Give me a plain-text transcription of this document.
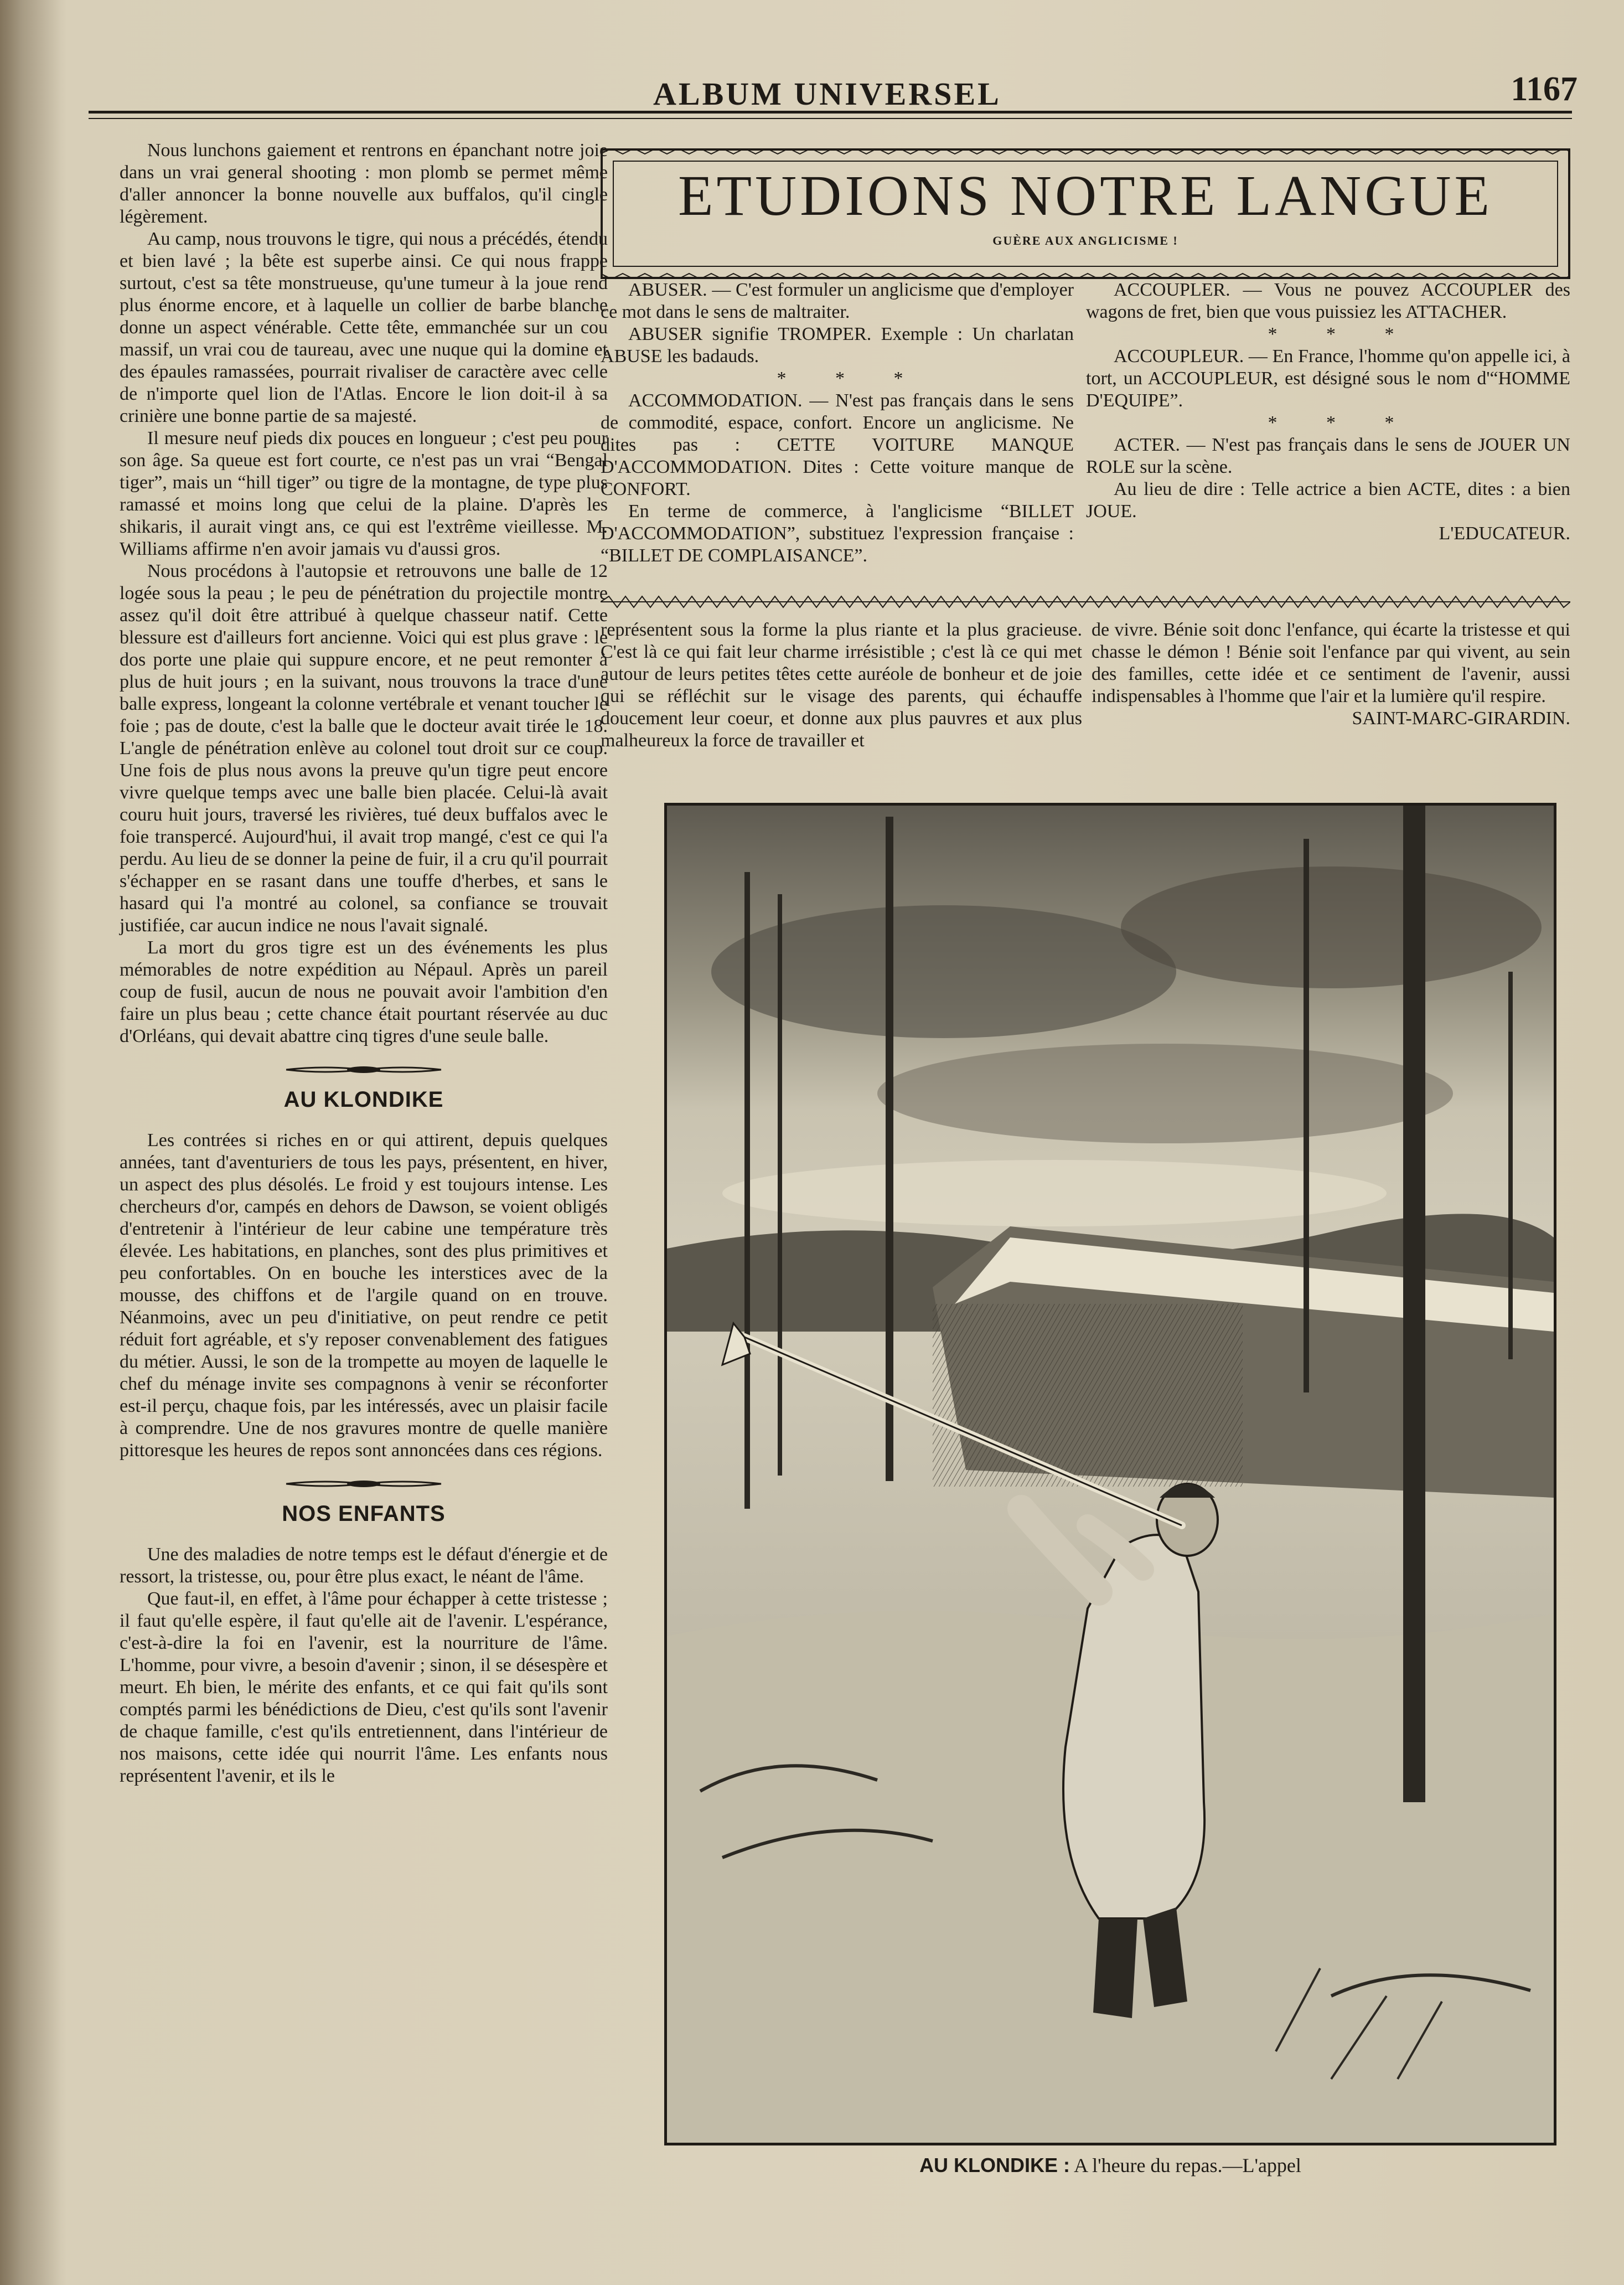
ALBUM UNIVERSEL	1167

Nous lunchons gaiement et rentrons en épanchant notre joie dans un vrai general shooting : mon plomb se permet même d'aller annoncer la bonne nouvelle aux buffalos, qu'il cingle légèrement.

Au camp, nous trouvons le tigre, qui nous a précédés, étendu et bien lavé ; la bête est superbe ainsi. Ce qui nous frappe surtout, c'est sa tête monstrueuse, qu'une tumeur à la joue rend plus énorme encore, et à laquelle un collier de barbe blanche donne un aspect vénérable. Cette tête, emmanchée sur un cou massif, un vrai cou de taureau, avec une nuque qui la domine et des épaules ramassées, pourrait rivaliser de caractère avec celle de n'importe quel lion de l'Atlas. Encore le lion doit-il à sa crinière une bonne partie de sa majesté.

Il mesure neuf pieds dix pouces en longueur ; c'est peu pour son âge. Sa queue est fort courte, ce n'est pas un vrai “Bengal tiger”, mais un “hill tiger” ou tigre de la montagne, de type plus ramassé et moins long que celui de la plaine. D'après les shikaris, il aurait vingt ans, ce qui est l'extrême vieillesse. M. Williams affirme n'en avoir jamais vu d'aussi gros.

Nous procédons à l'autopsie et retrouvons une balle de 12 logée sous la peau ; le peu de pénétration du projectile montre assez qu'il doit être attribué à quelque chasseur natif. Cette blessure est d'ailleurs fort ancienne. Voici qui est plus grave : le dos porte une plaie qui suppure encore, et ne peut remonter à plus de huit jours ; en la suivant, nous trouvons la trace d'une balle express, longeant la colonne vertébrale et venant toucher le foie ; pas de doute, c'est la balle que le docteur avait tirée le 18. L'angle de pénétration enlève au colonel tout droit sur ce coup. Une fois de plus nous avons la preuve qu'un tigre peut encore vivre quelque temps avec une balle bien placée. Celui-là avait couru huit jours, traversé les rivières, tué deux buffalos avec le foie transpercé. Aujourd'hui, il avait trop mangé, c'est ce qui l'a perdu. Au lieu de se donner la peine de fuir, il a cru qu'il pourrait s'échapper en se rasant dans une touffe d'herbes, et sans le hasard qui l'a montré au colonel, sa confiance se trouvait justifiée, car aucun indice ne nous l'avait signalé.

La mort du gros tigre est un des événements les plus mémorables de notre expédition au Népaul. Après un pareil coup de fusil, aucun de nous ne pouvait avoir l'ambition d'en faire un plus beau ; cette chance était pourtant réservée au duc d'Orléans, qui devait abattre cinq tigres d'une seule balle.

AU KLONDIKE

Les contrées si riches en or qui attirent, depuis quelques années, tant d'aventuriers de tous les pays, présentent, en hiver, un aspect des plus désolés. Le froid y est toujours intense. Les chercheurs d'or, campés en dehors de Dawson, se voient obligés d'entretenir à l'intérieur de leur cabine une température très élevée. Les habitations, en planches, sont des plus primitives et peu confortables. On en bouche les interstices avec de la mousse, des chiffons et de l'argile quand on en trouve. Néanmoins, avec un peu d'initiative, on peut rendre ce petit réduit fort agréable, et s'y reposer convenablement des fatigues du métier. Aussi, le son de la trompette au moyen de laquelle le chef du ménage invite ses compagnons à venir se réconforter est-il perçu, chaque fois, par les intéressés, avec un plaisir facile à comprendre. Une de nos gravures montre de quelle manière pittoresque les heures de repos sont annoncées dans ces régions.

NOS ENFANTS

Une des maladies de notre temps est le défaut d'énergie et de ressort, la tristesse, ou, pour être plus exact, le néant de l'âme.

Que faut-il, en effet, à l'âme pour échapper à cette tristesse ; il faut qu'elle espère, il faut qu'elle ait de l'avenir. L'espérance, c'est-à-dire la foi en l'avenir, est la nourriture de l'âme. L'homme, pour vivre, a besoin d'avenir ; sinon, il se désespère et meurt. Eh bien, le mérite des enfants, et ce qui fait qu'ils sont comptés parmi les bénédictions de Dieu, c'est qu'ils sont l'avenir de chaque famille, c'est qu'ils entretiennent, dans l'intérieur de nos maisons, cette idée qui nourrit l'âme. Les enfants nous représentent l'avenir, et ils le

ETUDIONS NOTRE LANGUE
GUÈRE AUX ANGLICISME !

ABUSER. — C'est formuler un anglicisme que d'employer ce mot dans le sens de maltraiter.

ABUSER signifie TROMPER. Exemple : Un charlatan ABUSE les badauds.

* * *

ACCOMMODATION. — N'est pas français dans le sens de commodité, espace, confort. Encore un anglicisme. Ne dites pas : CETTE VOITURE MANQUE D'ACCOMMODATION. Dites : Cette voiture manque de CONFORT.

En terme de commerce, à l'anglicisme “BILLET D'ACCOMMODATION”, substituez l'expression française : “BILLET DE COMPLAISANCE”.

ACCOUPLER. — Vous ne pouvez ACCOUPLER des wagons de fret, bien que vous puissiez les ATTACHER.

* * *

ACCOUPLEUR. — En France, l'homme qu'on appelle ici, à tort, un ACCOUPLEUR, est désigné sous le nom d'“HOMME D'EQUIPE”.

* * *

ACTER. — N'est pas français dans le sens de JOUER UN ROLE sur la scène.

Au lieu de dire : Telle actrice a bien ACTE, dites : a bien JOUE.

L'EDUCATEUR.

représentent sous la forme la plus riante et la plus gracieuse. C'est là ce qui fait leur charme irrésistible ; c'est là ce qui met autour de leurs petites têtes cette auréole de bonheur et de joie qui se réfléchit sur le visage des parents, qui échauffe doucement leur coeur, et donne aux plus pauvres et aux plus malheureux la force de travailler et

de vivre. Bénie soit donc l'enfance, qui écarte la tristesse et qui chasse le démon ! Bénie soit l'enfance par qui vivent, au sein des familles, cette idée et ce sentiment de l'avenir, aussi indispensables à l'homme que l'air et la lumière qu'il respire.

SAINT-MARC-GIRARDIN.

AU KLONDIKE : A l'heure du repas.—L'appel
